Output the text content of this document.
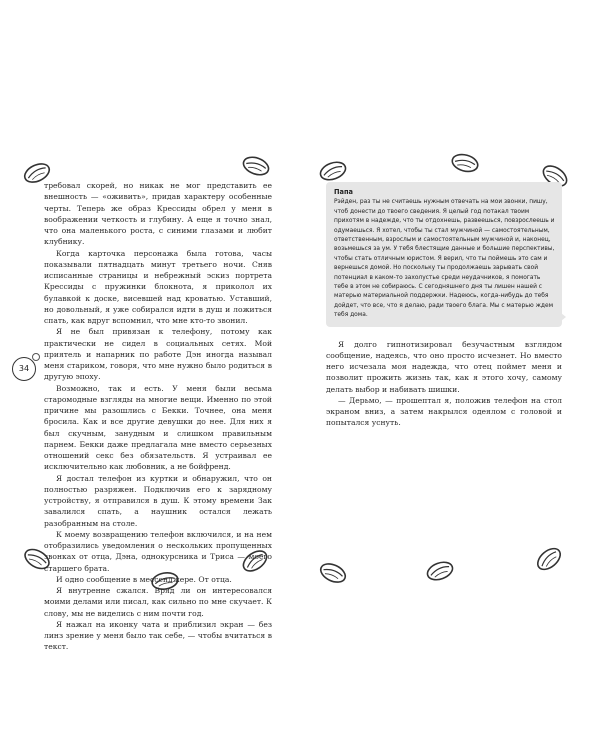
34

требовал скорей, но никак не мог представить ее внешность — «оживить», придав характеру особенные черты. Теперь же образ Крессиды обрел у меня в воображении четкость и глубину. А еще я точно знал, что она маленького роста, с синими глазами и любит клубнику.

Когда карточка персонажа была готова, часы показывали пятнадцать минут третьего ночи. Сняв исписанные страницы и небрежный эскиз портрета Крессиды с пружинки блокнота, я приколол их булавкой к доске, висевшей над кроватью. Уставший, но довольный, я уже собирался идти в душ и ложиться спать, как вдруг вспомнил, что мне кто-то звонил.

Я не был привязан к телефону, потому как практически не сидел в социальных сетях. Мой приятель и напарник по работе Дэн иногда называл меня стариком, говоря, что мне нужно было родиться в другую эпоху.

Возможно, так и есть. У меня были весьма старомодные взгляды на многие вещи. Именно по этой причине мы разошлись с Бекки. Точнее, она меня бросила. Как и все другие девушки до нее. Для них я был скучным, занудным и слишком правильным парнем. Бекки даже предлагала мне вместо серьезных отношений секс без обязательств. Я устраивал ее исключительно как любовник, а не бойфренд.

Я достал телефон из куртки и обнаружил, что он полностью разряжен. Подключив его к зарядному устройству, я отправился в душ. К этому времени Зак завалился спать, а наушник остался лежать разобранным на столе.

К моему возвращению телефон включился, и на нем отобразились уведомления о нескольких пропущенных звонках от отца, Дэна, однокурсника и Триса — моего старшего брата.

И одно сообщение в мессенджере. От отца.

Я внутренне сжался. Вряд ли он интересовался моими делами или писал, как сильно по мне скучает. К слову, мы не виделись с ним почти год.

Я нажал на иконку чата и приблизил экран — без линз зрение у меня было так себе, — чтобы вчитаться в текст.

Папа
Рэйден, раз ты не считаешь нужным отвечать на мои звонки, пишу, чтоб донести до твоего сведения. Я целый год потакал твоим прихотям в надежде, что ты отдохнешь, развеешься, повзрослеешь и одумаешься. Я хотел, чтобы ты стал мужчиной — самостоятельным, ответственным, взрослым и самостоятельным мужчиной и, наконец, возьмешься за ум. У тебя блестящие данные и большие перспективы, чтобы стать отличным юристом. Я верил, что ты поймешь это сам и вернешься домой. Но поскольку ты продолжаешь зарывать свой потенциал в каком-то захолустье среди неудачников, я помогать тебе в этом не собираюсь. С сегодняшнего дня ты лишен нашей с матерью материальной поддержки. Надеюсь, когда-нибудь до тебя дойдет, что все, что я делаю, ради твоего блага. Мы с матерью ждем тебя дома.

Я долго гипнотизировал безучастным взглядом сообщение, надеясь, что оно просто исчезнет. Но вместо него исчезала моя надежда, что отец поймет меня и позволит прожить жизнь так, как я этого хочу, самому делать выбор и набивать шишки.

— Дерьмо, — прошептал я, положив телефон на стол экраном вниз, а затем накрылся одеялом с головой и попытался уснуть.
